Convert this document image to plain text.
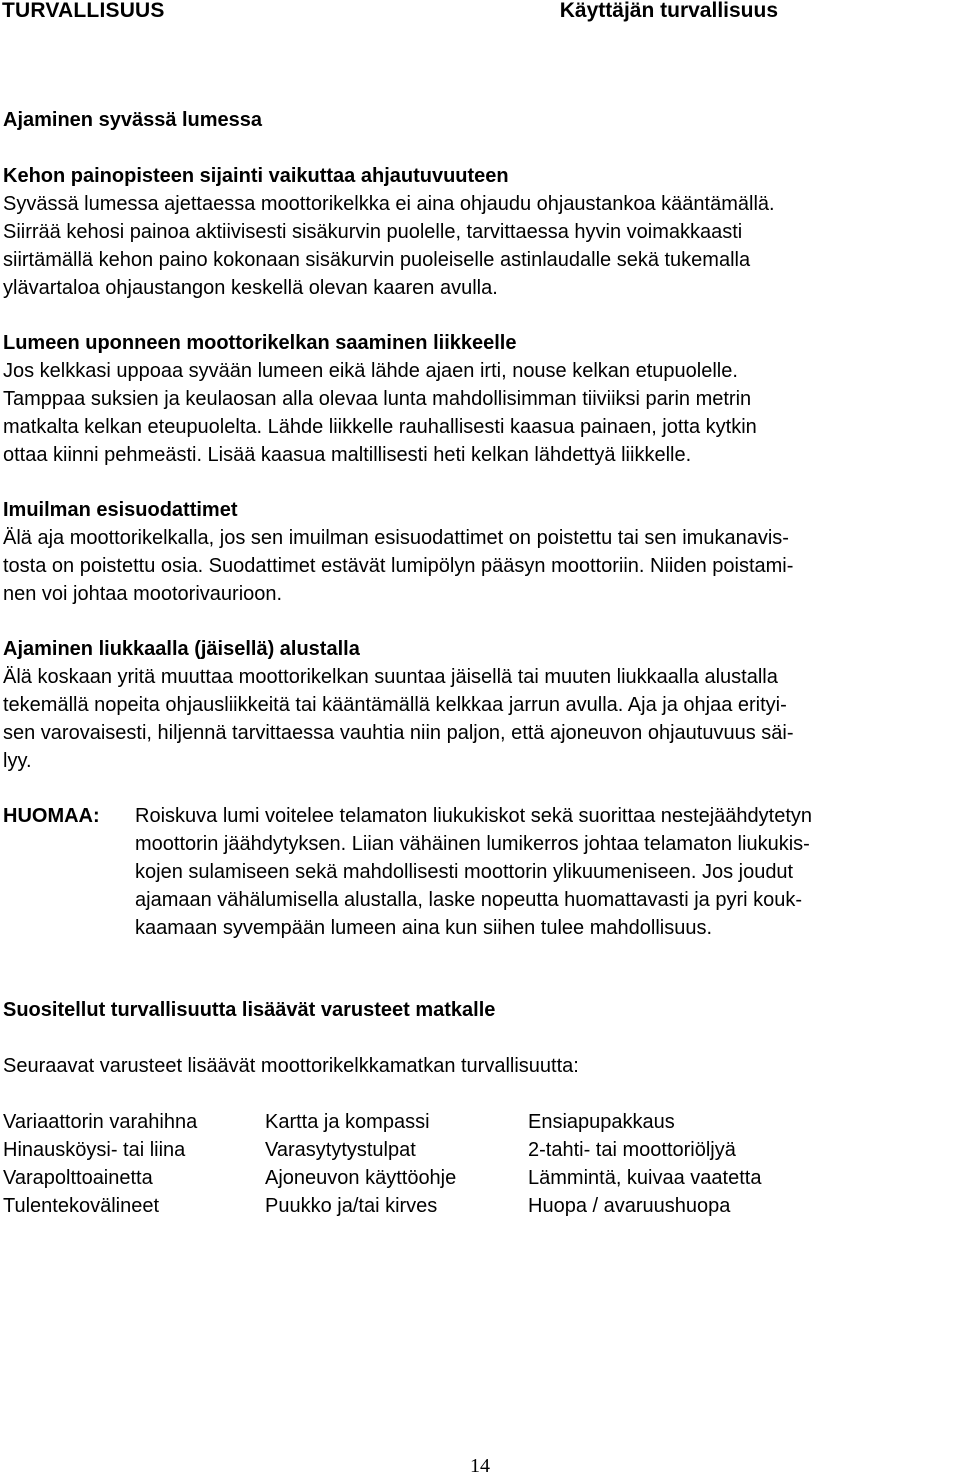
TURVALLISUUS	Käyttäjän turvallisuus

Ajaminen syvässä lumessa

Kehon painopisteen sijainti vaikuttaa ahjautuvuuteen

Syvässä lumessa ajettaessa moottorikelkka ei aina ohjaudu ohjaustankoa kääntämällä.

Siirrää kehosi painoa aktiivisesti sisäkurvin puolelle, tarvittaessa hyvin voimakkaasti

siirtämällä kehon paino kokonaan sisäkurvin puoleiselle astinlaudalle sekä tukemalla

ylävartaloa ohjaustangon keskellä olevan kaaren avulla.

Lumeen uponneen moottorikelkan saaminen liikkeelle

Jos kelkkasi uppoaa syvään lumeen eikä lähde ajaen irti, nouse kelkan etupuolelle.

Tamppaa suksien ja keulaosan alla olevaa lunta mahdollisimman tiiviiksi parin metrin

matkalta kelkan eteupuolelta. Lähde liikkelle rauhallisesti kaasua painaen, jotta kytkin

ottaa kiinni pehmeästi. Lisää kaasua maltillisesti heti kelkan lähdettyä liikkelle.

Imuilman esisuodattimet

Älä aja moottorikelkalla, jos sen imuilman esisuodattimet on poistettu tai sen imukanavis-

tosta on poistettu osia. Suodattimet estävät lumipölyn pääsyn moottoriin. Niiden poistami-

nen voi johtaa mootorivaurioon.

Ajaminen liukkaalla (jäisellä) alustalla

Älä koskaan yritä muuttaa moottorikelkan suuntaa jäisellä tai muuten liukkaalla alustalla

tekemällä nopeita ohjausliikkeitä tai kääntämällä kelkkaa jarrun avulla. Aja ja ohjaa erityi-

sen varovaisesti, hiljennä tarvittaessa vauhtia niin paljon, että ajoneuvon ohjautuvuus säi-

lyy.

HUOMAA: Roiskuva lumi voitelee telamaton liukukiskot sekä suorittaa nestejäähdytetyn

moottorin jäähdytyksen. Liian vähäinen lumikerros johtaa telamaton liukukis-

kojen sulamiseen sekä mahdollisesti moottorin ylikuumeniseen. Jos joudut

ajamaan vähälumisella alustalla, laske nopeutta huomattavasti ja pyri kouk-

kaamaan syvempään lumeen aina kun siihen tulee mahdollisuus.

Suositellut turvallisuutta lisäävät varusteet matkalle

Seuraavat varusteet lisäävät moottorikelkkamatkan turvallisuutta:

Variaattorin varahihna	Kartta ja kompassi	Ensiapupakkaus
Hinausköysi- tai liina	Varasytytystulpat	2-tahti- tai moottoriöljyä
Varapolttoainetta	Ajoneuvon käyttöohje	Lämmintä, kuivaa vaatetta
Tulentekovälineet	Puukko ja/tai kirves	Huopa / avaruushuopa
14
